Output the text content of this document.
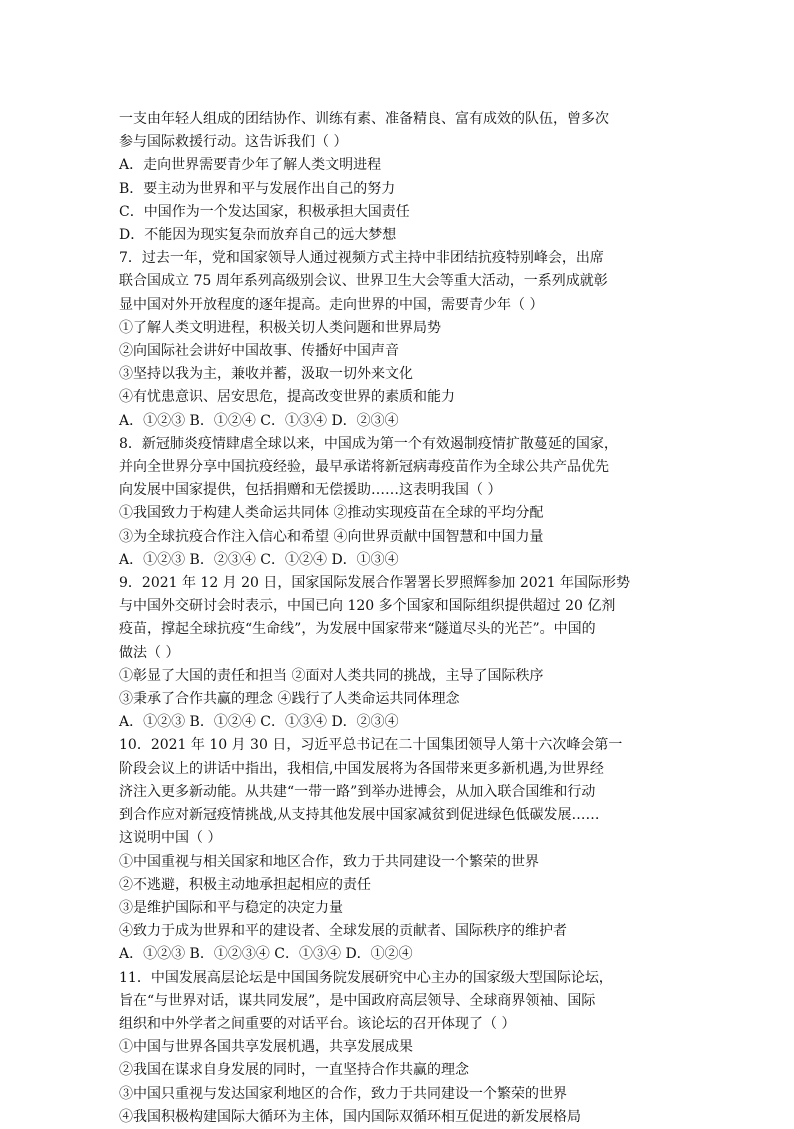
一支由年轻人组成的团结协作、训练有素、准备精良、富有成效的队伍，曾多次
参与国际救援行动。这告诉我们（ ）
A．走向世界需要青少年了解人类文明进程
B．要主动为世界和平与发展作出自己的努力
C．中国作为一个发达国家，积极承担大国责任
D．不能因为现实复杂而放弃自己的远大梦想
7．过去一年，党和国家领导人通过视频方式主持中非团结抗疫特别峰会，出席
联合国成立 75 周年系列高级别会议、世界卫生大会等重大活动，一系列成就彰
显中国对外开放程度的逐年提高。走向世界的中国，需要青少年（ ）
①了解人类文明进程，积极关切人类问题和世界局势
②向国际社会讲好中国故事、传播好中国声音
③坚持以我为主，兼收并蓄，汲取一切外来文化
④有忧患意识、居安思危，提高改变世界的素质和能力
A．①②③ B．①②④ C．①③④ D．②③④
8．新冠肺炎疫情肆虐全球以来，中国成为第一个有效遏制疫情扩散蔓延的国家，
并向全世界分享中国抗疫经验，最早承诺将新冠病毒疫苗作为全球公共产品优先
向发展中国家提供，包括捐赠和无偿援助……这表明我国（ ）
①我国致力于构建人类命运共同体 ②推动实现疫苗在全球的平均分配
③为全球抗疫合作注入信心和希望 ④向世界贡献中国智慧和中国力量
A．①②③ B．②③④ C．①②④ D．①③④
9．2021 年 12 月 20 日，国家国际发展合作署署长罗照辉参加 2021 年国际形势
与中国外交研讨会时表示，中国已向 120 多个国家和国际组织提供超过 20 亿剂
疫苗，撑起全球抗疫“生命线”，为发展中国家带来“隧道尽头的光芒”。中国的
做法（ ）
①彰显了大国的责任和担当 ②面对人类共同的挑战，主导了国际秩序
③秉承了合作共赢的理念 ④践行了人类命运共同体理念
A．①②③ B．①②④ C．①③④ D．②③④
10．2021 年 10 月 30 日，习近平总书记在二十国集团领导人第十六次峰会第一
阶段会议上的讲话中指出，我相信,中国发展将为各国带来更多新机遇,为世界经
济注入更多新动能。从共建“一带一路”到举办进博会，从加入联合国维和行动
到合作应对新冠疫情挑战,从支持其他发展中国家减贫到促进绿色低碳发展……
这说明中国（ ）
①中国重视与相关国家和地区合作，致力于共同建设一个繁荣的世界
②不逃避，积极主动地承担起相应的责任
③是维护国际和平与稳定的决定力量
④致力于成为世界和平的建设者、全球发展的贡献者、国际秩序的维护者
A．①②③ B．①②③④ C．①③④ D．①②④
11．中国发展高层论坛是中国国务院发展研究中心主办的国家级大型国际论坛，
旨在“与世界对话，谋共同发展”，是中国政府高层领导、全球商界领袖、国际
组织和中外学者之间重要的对话平台。该论坛的召开体现了（ ）
①中国与世界各国共享发展机遇，共享发展成果
②我国在谋求自身发展的同时，一直坚持合作共赢的理念
③中国只重视与发达国家利地区的合作，致力于共同建设一个繁荣的世界
④我国积极构建国际大循环为主体，国内国际双循环相互促进的新发展格局
